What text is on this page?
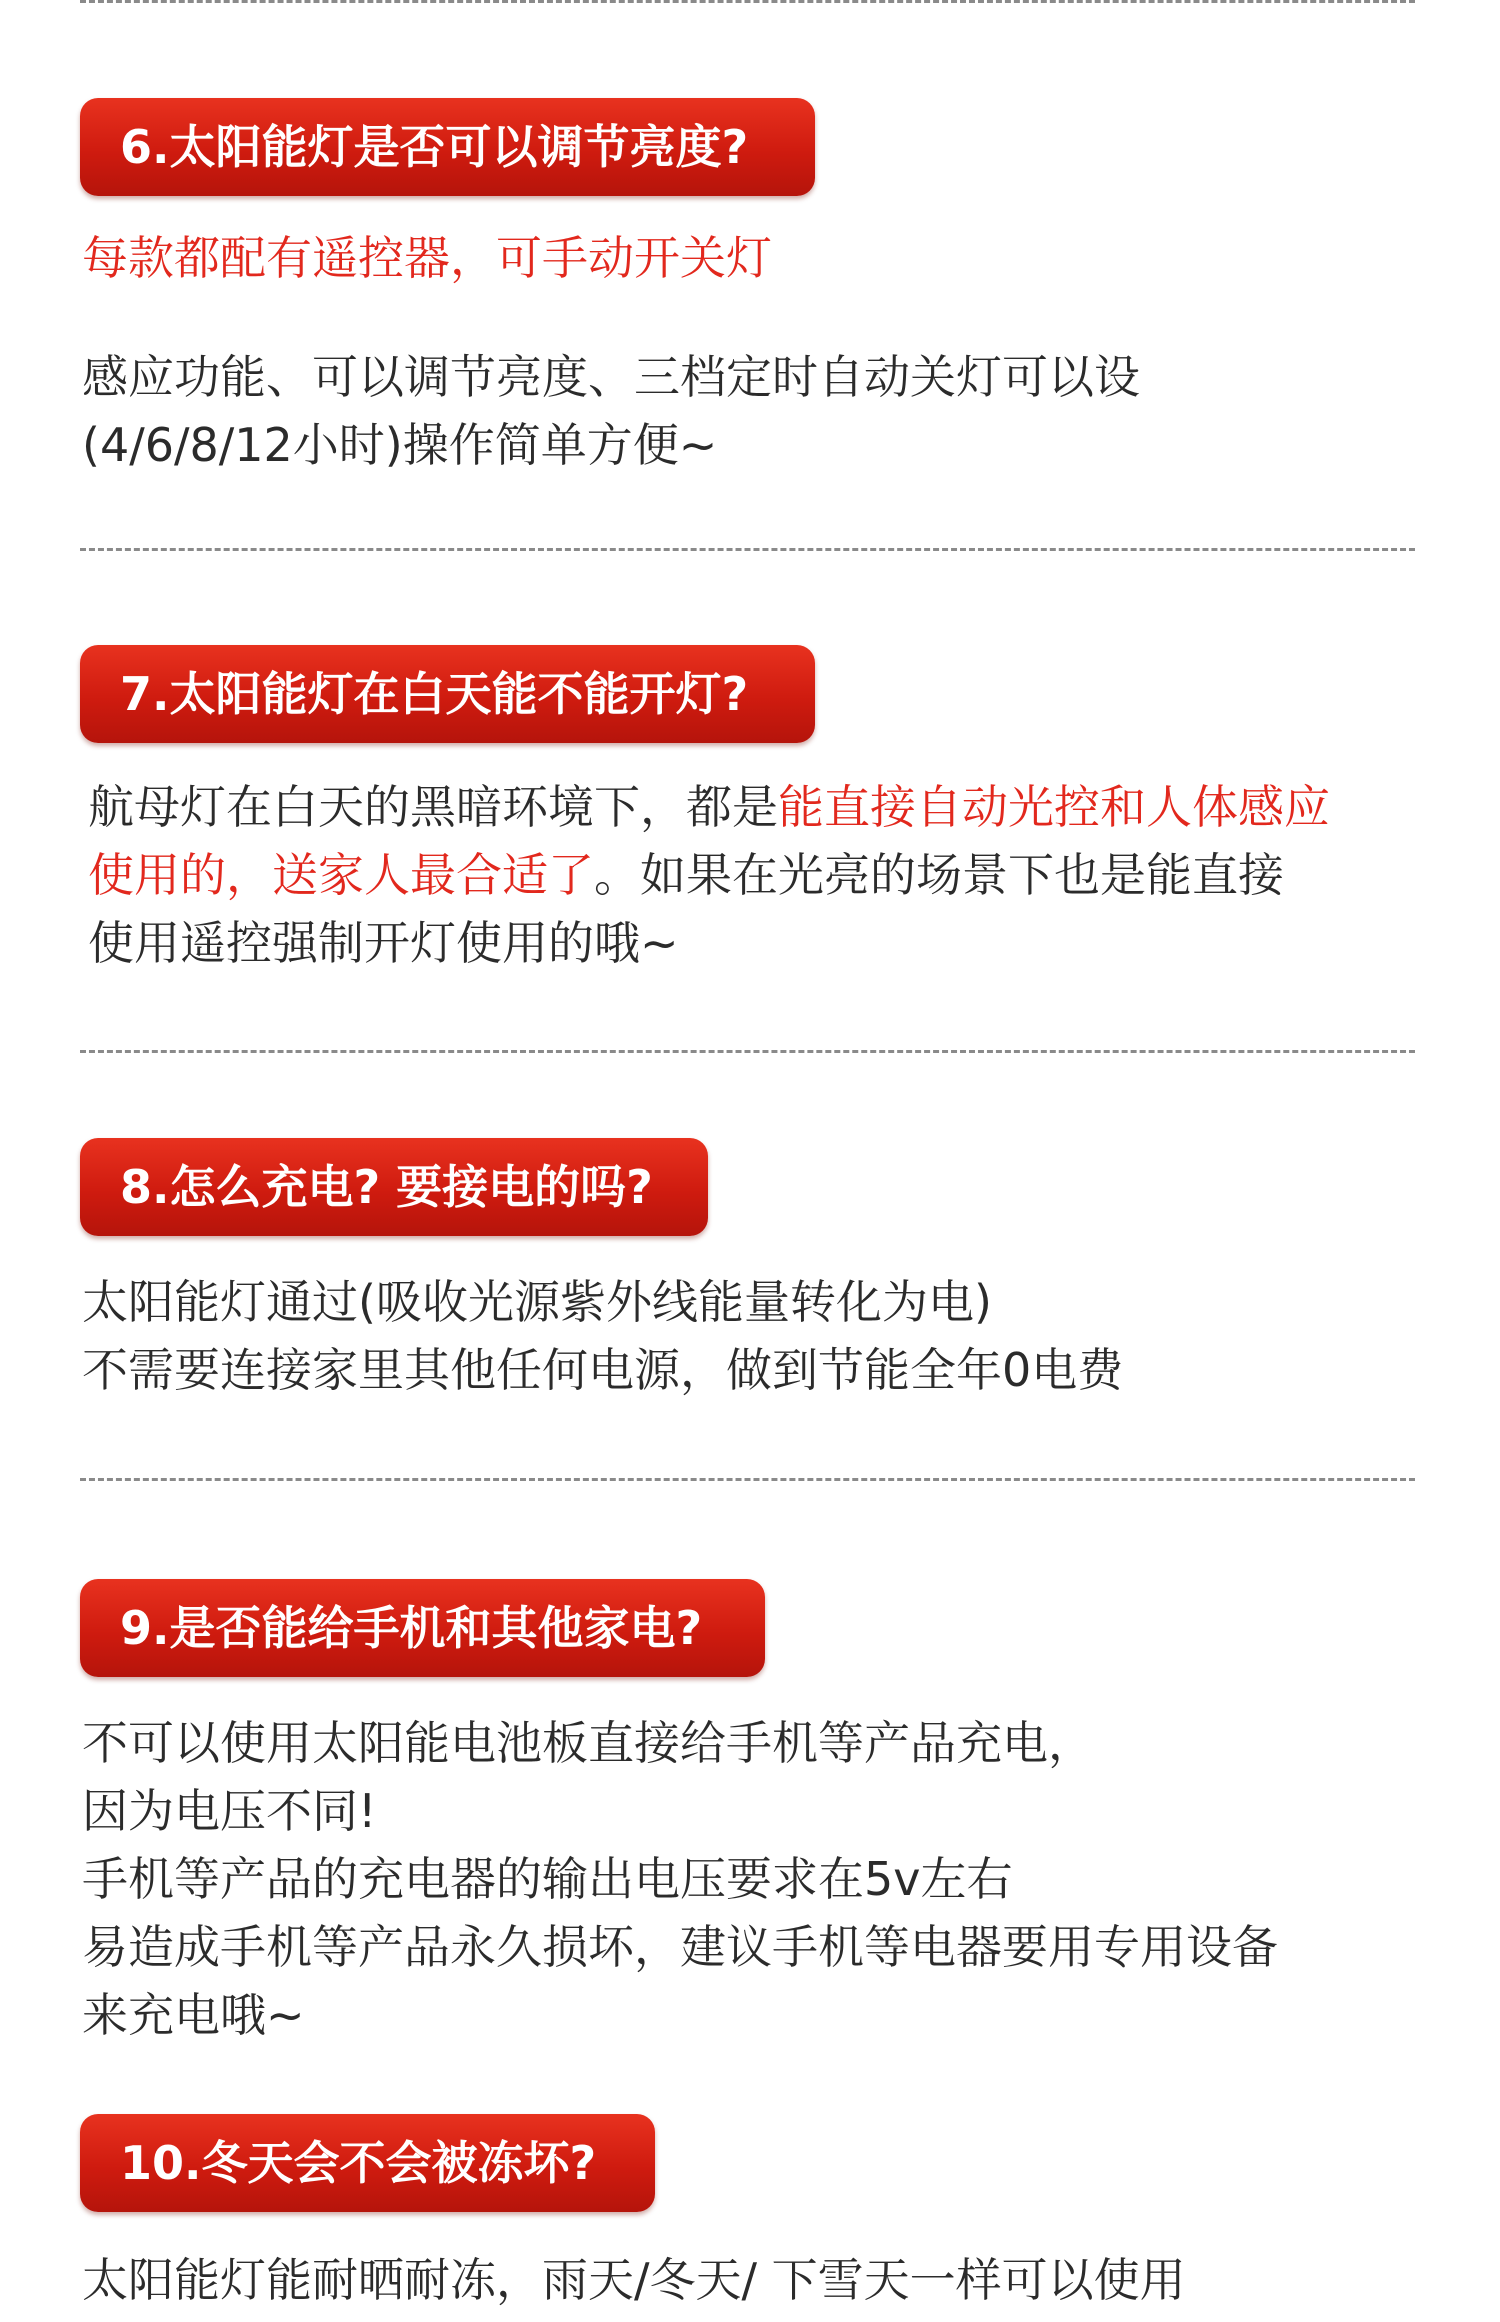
6.太阳能灯是否可以调节亮度?
每款都配有遥控器，可手动开关灯
感应功能、可以调节亮度、三档定时自动关灯可以设
(4/6/8/12小时)操作简单方便~
7.太阳能灯在白天能不能开灯?
航母灯在白天的黑暗环境下，都是能直接自动光控和人体感应
使用的，送家人最合适了。如果在光亮的场景下也是能直接
使用遥控强制开灯使用的哦~
8.怎么充电? 要接电的吗?
太阳能灯通过(吸收光源紫外线能量转化为电)
不需要连接家里其他任何电源，做到节能全年0电费
9.是否能给手机和其他家电?
不可以使用太阳能电池板直接给手机等产品充电，
因为电压不同!
手机等产品的充电器的输出电压要求在5v左右
易造成手机等产品永久损坏，建议手机等电器要用专用设备
来充电哦~
10.冬天会不会被冻坏?
太阳能灯能耐晒耐冻，雨天/冬天/ 下雪天一样可以使用
